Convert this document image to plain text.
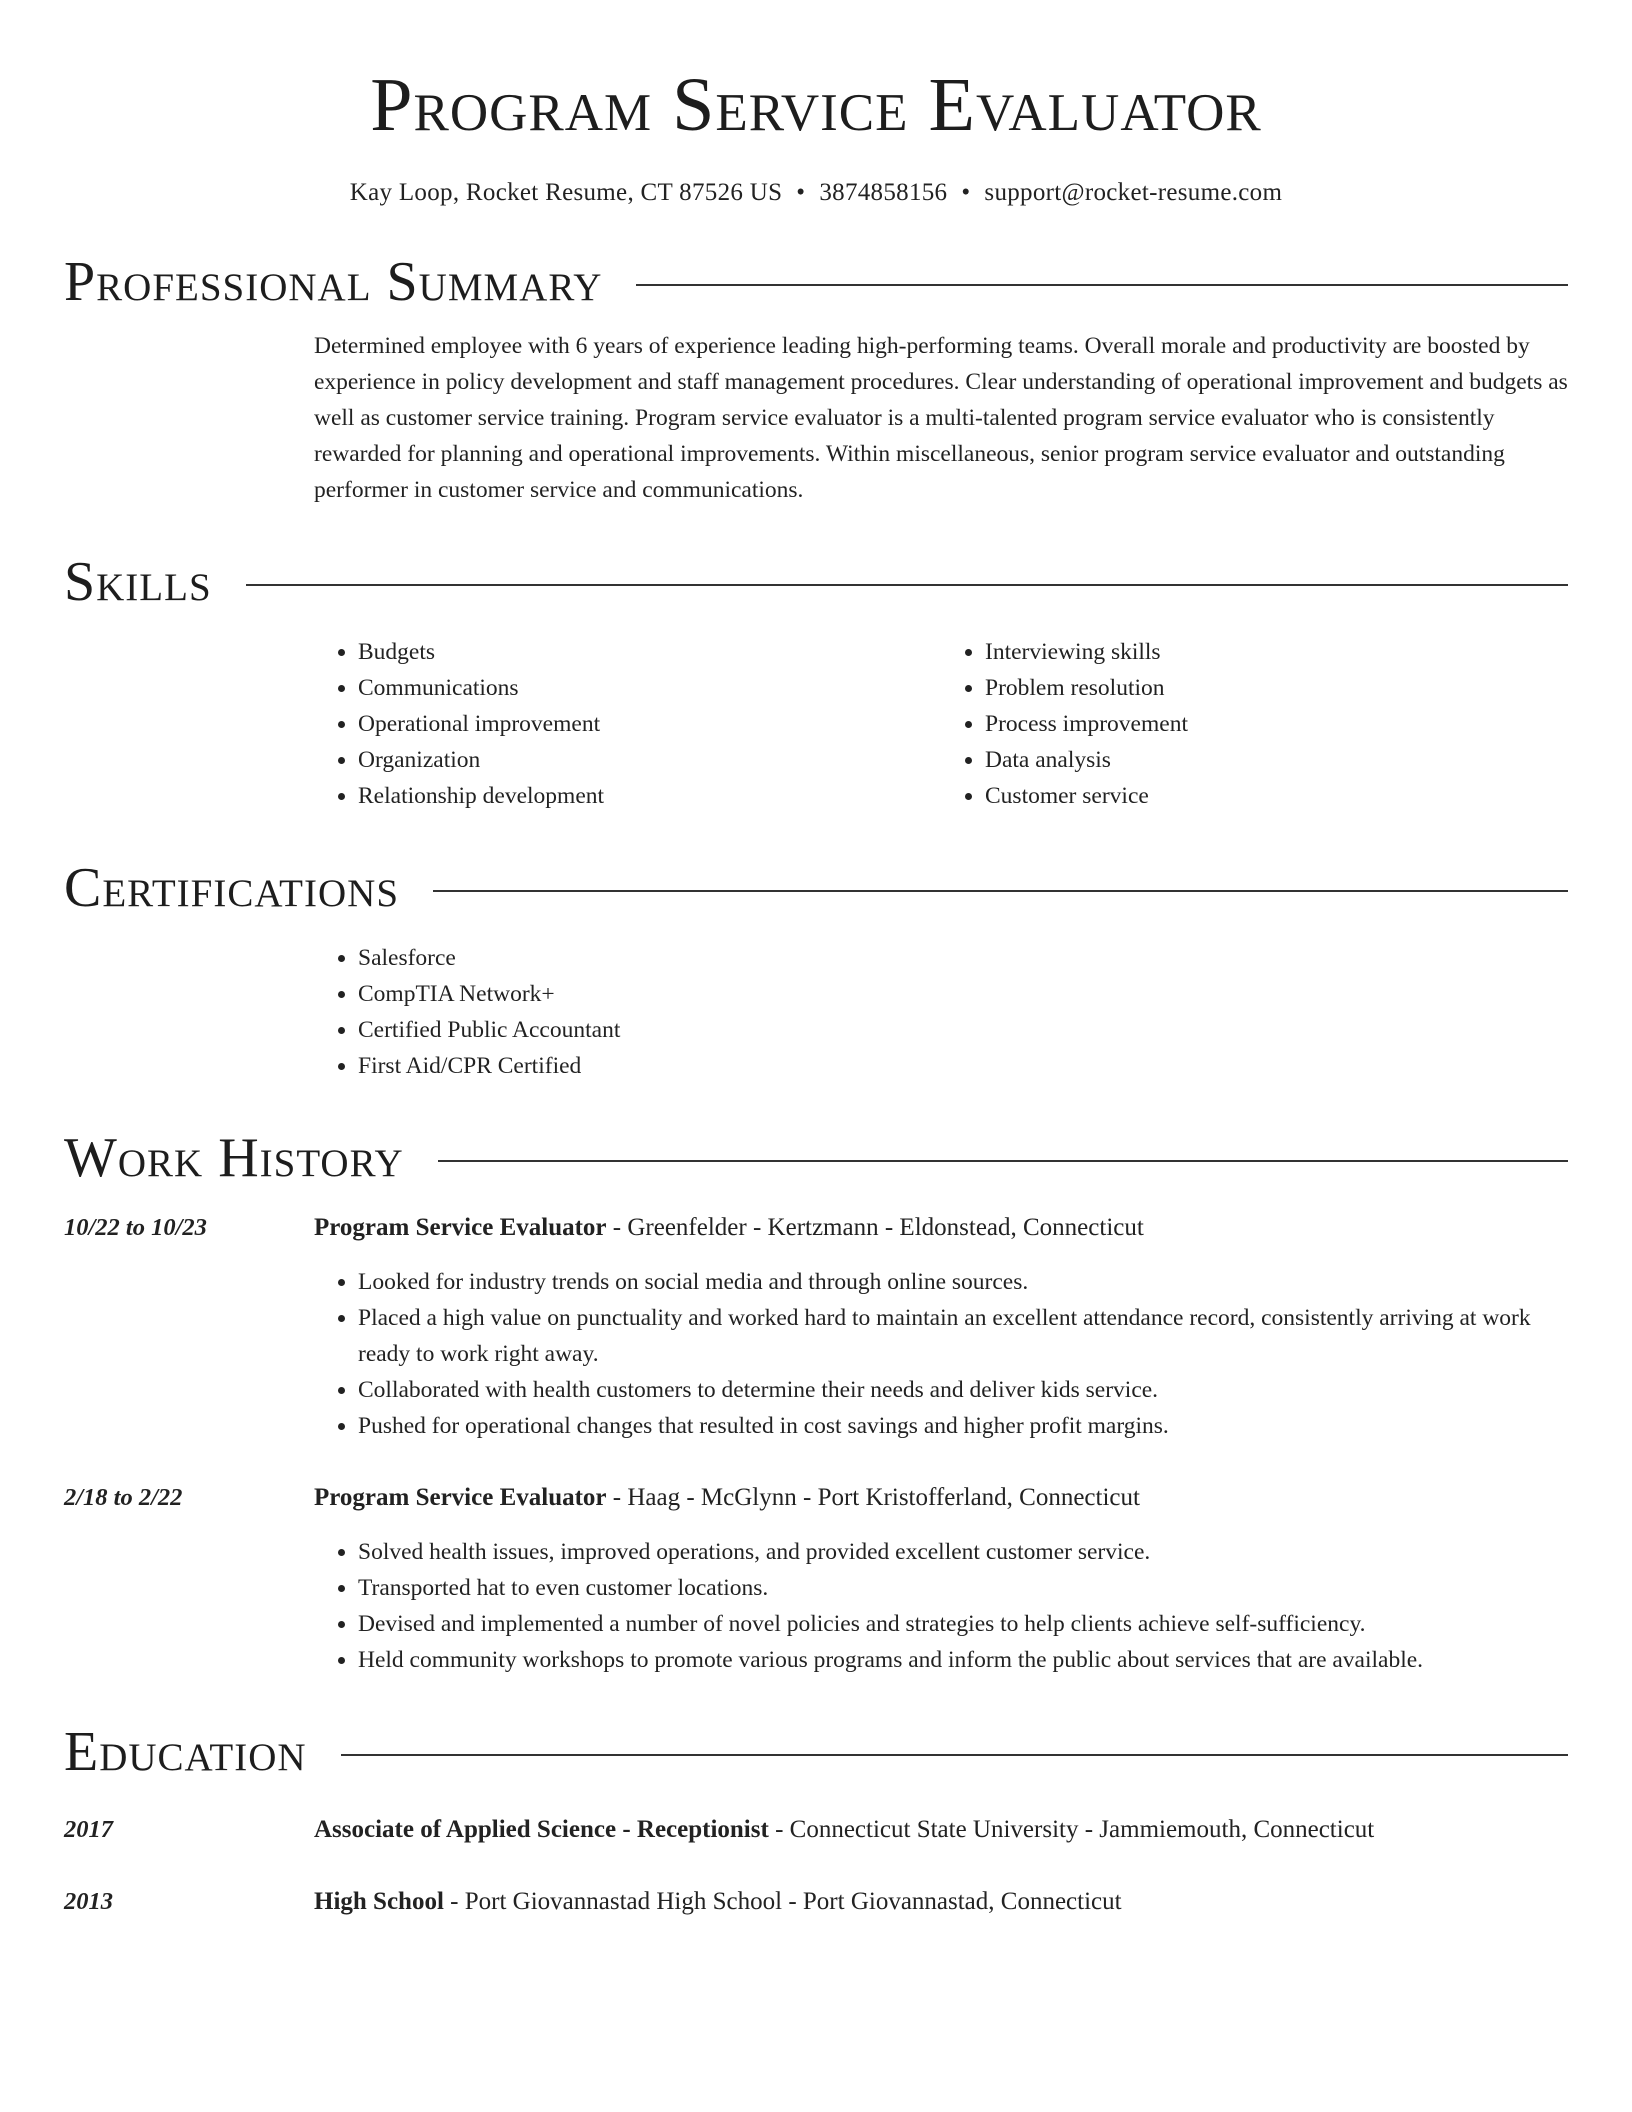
Program Service Evaluator
Kay Loop, Rocket Resume, CT 87526 US • 3874858156 • support@rocket-resume.com
Professional Summary
Determined employee with 6 years of experience leading high-performing teams. Overall morale and productivity are boosted by experience in policy development and staff management procedures. Clear understanding of operational improvement and budgets as well as customer service training. Program service evaluator is a multi-talented program service evaluator who is consistently rewarded for planning and operational improvements. Within miscellaneous, senior program service evaluator and outstanding performer in customer service and communications.
Skills
• Budgets
• Communications
• Operational improvement
• Organization
• Relationship development
• Interviewing skills
• Problem resolution
• Process improvement
• Data analysis
• Customer service
Certifications
• Salesforce
• CompTIA Network+
• Certified Public Accountant
• First Aid/CPR Certified
Work History
10/22 to 10/23	Program Service Evaluator - Greenfelder - Kertzmann - Eldonstead, Connecticut
• Looked for industry trends on social media and through online sources.
• Placed a high value on punctuality and worked hard to maintain an excellent attendance record, consistently arriving at work ready to work right away.
• Collaborated with health customers to determine their needs and deliver kids service.
• Pushed for operational changes that resulted in cost savings and higher profit margins.
2/18 to 2/22	Program Service Evaluator - Haag - McGlynn - Port Kristofferland, Connecticut
• Solved health issues, improved operations, and provided excellent customer service.
• Transported hat to even customer locations.
• Devised and implemented a number of novel policies and strategies to help clients achieve self-sufficiency.
• Held community workshops to promote various programs and inform the public about services that are available.
Education
2017	Associate of Applied Science - Receptionist - Connecticut State University - Jammiemouth, Connecticut
2013	High School - Port Giovannastad High School - Port Giovannastad, Connecticut
